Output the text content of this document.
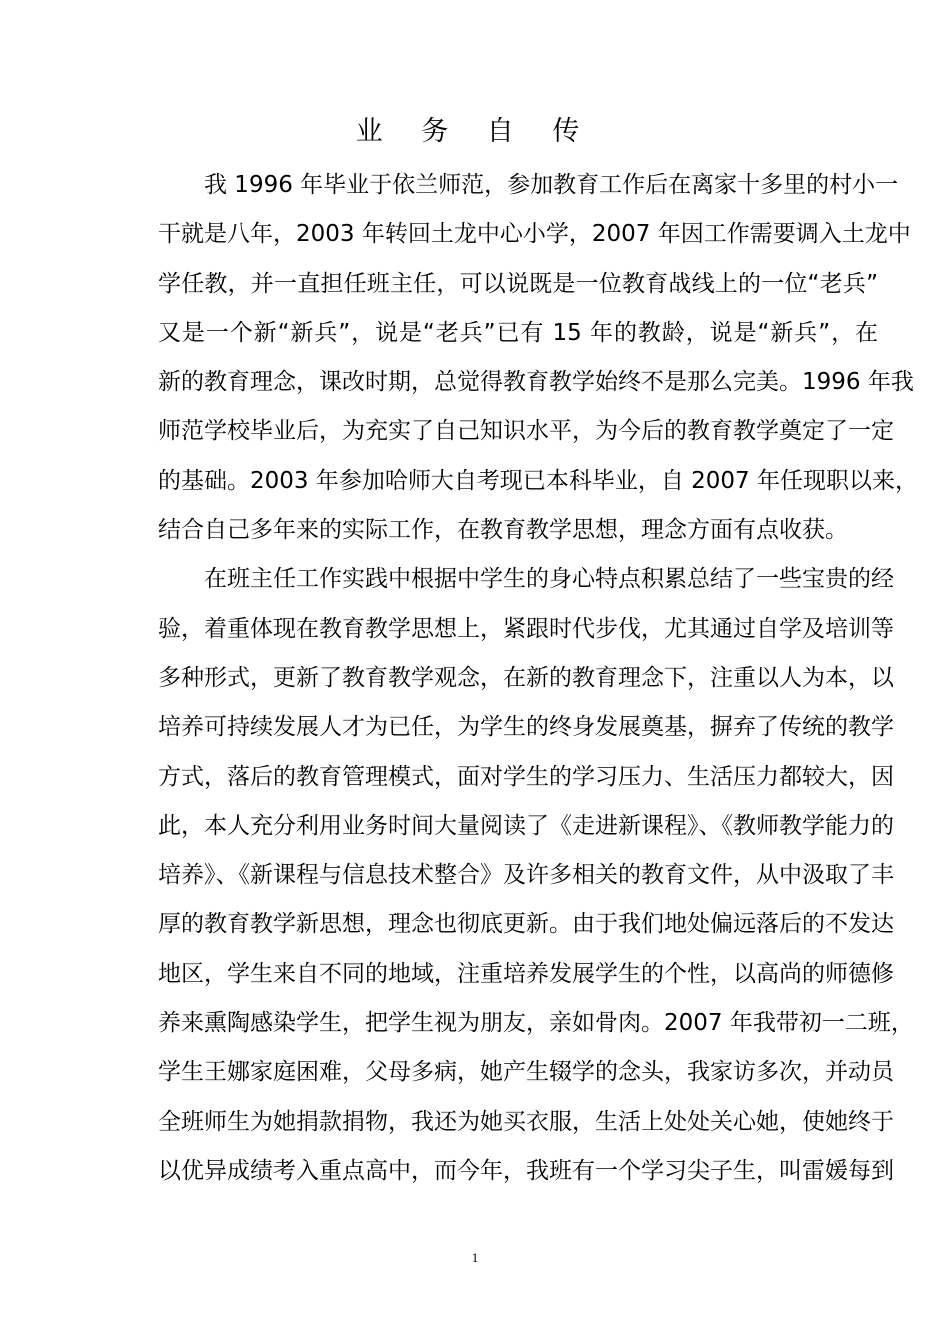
业 务 自 传
我 1996 年毕业于依兰师范，参加教育工作后在离家十多里的村小一
干就是八年，2003 年转回土龙中心小学，2007 年因工作需要调入土龙中
学任教，并一直担任班主任，可以说既是一位教育战线上的一位“老兵”
又是一个新“新兵”，说是“老兵”已有 15 年的教龄，说是“新兵”，在
新的教育理念，课改时期，总觉得教育教学始终不是那么完美。1996 年我
师范学校毕业后，为充实了自己知识水平，为今后的教育教学奠定了一定
的基础。2003 年参加哈师大自考现已本科毕业，自 2007 年任现职以来，
结合自己多年来的实际工作，在教育教学思想，理念方面有点收获。
在班主任工作实践中根据中学生的身心特点积累总结了一些宝贵的经
验，着重体现在教育教学思想上，紧跟时代步伐，尤其通过自学及培训等
多种形式，更新了教育教学观念，在新的教育理念下，注重以人为本，以
培养可持续发展人才为已任，为学生的终身发展奠基，摒弃了传统的教学
方式，落后的教育管理模式，面对学生的学习压力、生活压力都较大，因
此，本人充分利用业务时间大量阅读了《走进新课程》、《教师教学能力的
培养》、《新课程与信息技术整合》及许多相关的教育文件，从中汲取了丰
厚的教育教学新思想，理念也彻底更新。由于我们地处偏远落后的不发达
地区，学生来自不同的地域，注重培养发展学生的个性，以高尚的师德修
养来熏陶感染学生，把学生视为朋友，亲如骨肉。2007 年我带初一二班，
学生王娜家庭困难，父母多病，她产生辍学的念头，我家访多次，并动员
全班师生为她捐款捐物，我还为她买衣服，生活上处处关心她，使她终于
以优异成绩考入重点高中，而今年，我班有一个学习尖子生，叫雷媛每到
1
